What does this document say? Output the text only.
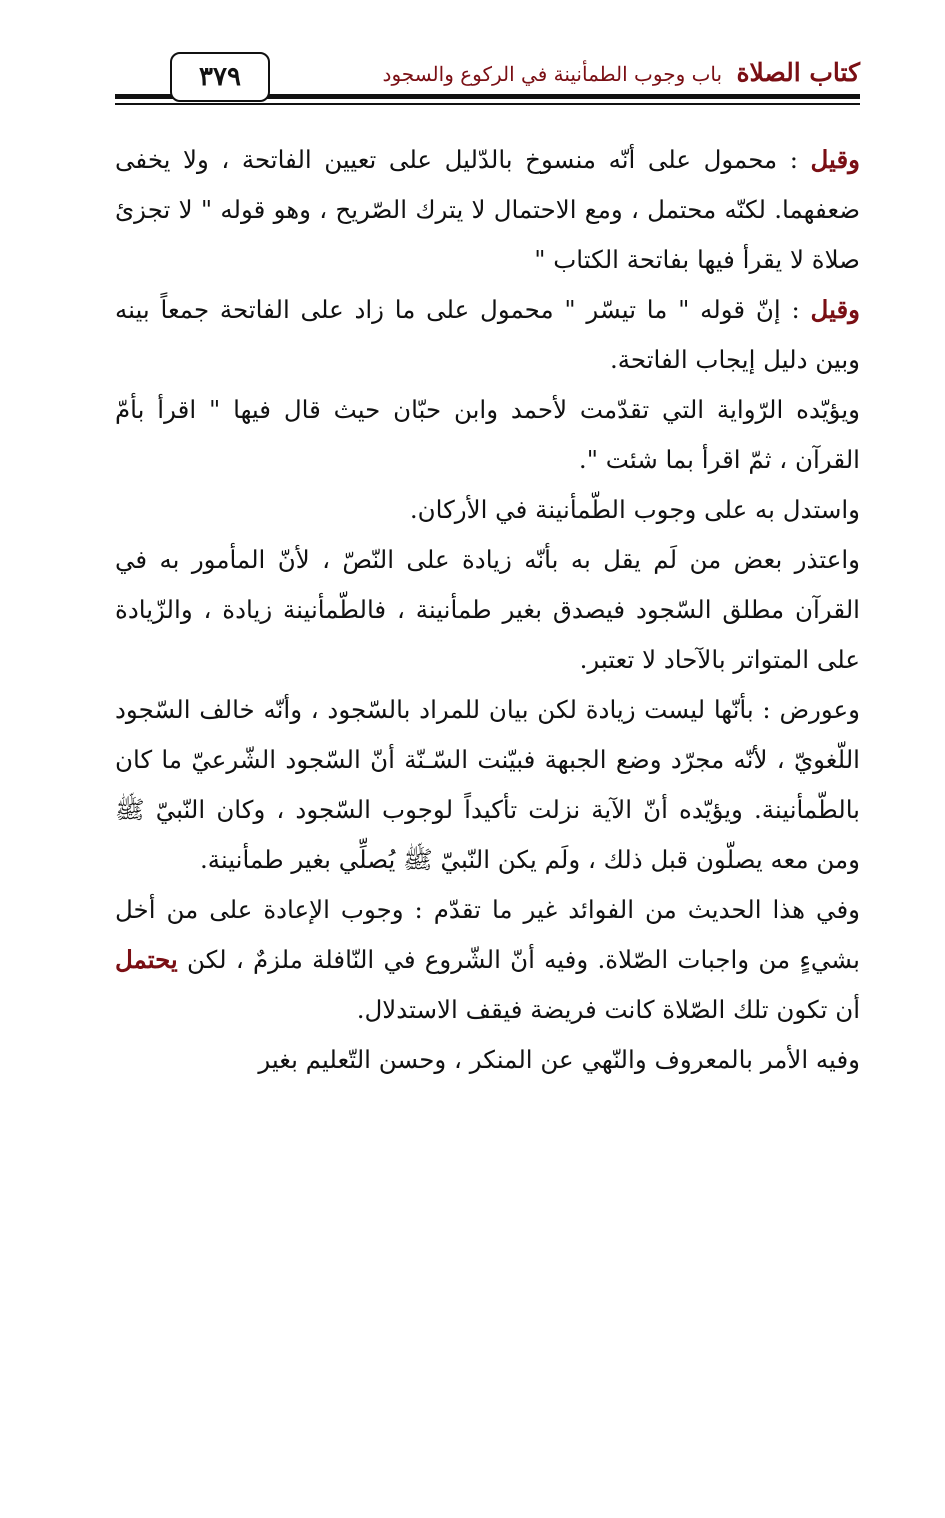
٣٧٩	كتاب الصلاة باب وجوب الطمأنينة في الركوع والسجود

وقيل : محمول على أنّه منسوخ بالدّليل على تعيين الفاتحة ، ولا يخفى ضعفهما. لكنّه محتمل ، ومع الاحتمال لا يترك الصّريح ، وهو قوله " لا تجزئ صلاة لا يقرأ فيها بفاتحة الكتاب "

وقيل : إنّ قوله " ما تيسّر " محمول على ما زاد على الفاتحة جمعاً بينه وبين دليل إيجاب الفاتحة.

ويؤيّده الرّواية التي تقدّمت لأحمد وابن حبّان حيث قال فيها " اقرأ بأمّ القرآن ، ثمّ اقرأ بما شئت ".

واستدل به على وجوب الطّمأنينة في الأركان.

واعتذر بعض من لَم يقل به بأنّه زيادة على النّصّ ، لأنّ المأمور به في القرآن مطلق السّجود فيصدق بغير طمأنينة ، فالطّمأنينة زيادة ، والزّيادة على المتواتر بالآحاد لا تعتبر.

وعورض : بأنّها ليست زيادة لكن بيان للمراد بالسّجود ، وأنّه خالف السّجود اللّغويّ ، لأنّه مجرّد وضع الجبهة فبيّنت السّـنّة أنّ السّجود الشّرعيّ ما كان بالطّمأنينة. ويؤيّده أنّ الآية نزلت تأكيداً لوجوب السّجود ، وكان النّبيّ ﷺ ومن معه يصلّون قبل ذلك ، ولَم يكن النّبيّ ﷺ يُصلِّي بغير طمأنينة.

وفي هذا الحديث من الفوائد غير ما تقدّم : وجوب الإعادة على من أخل بشيءٍ من واجبات الصّلاة. وفيه أنّ الشّروع في النّافلة ملزمٌ ، لكن يحتمل أن تكون تلك الصّلاة كانت فريضة فيقف الاستدلال.

وفيه الأمر بالمعروف والنّهي عن المنكر ، وحسن التّعليم بغير
